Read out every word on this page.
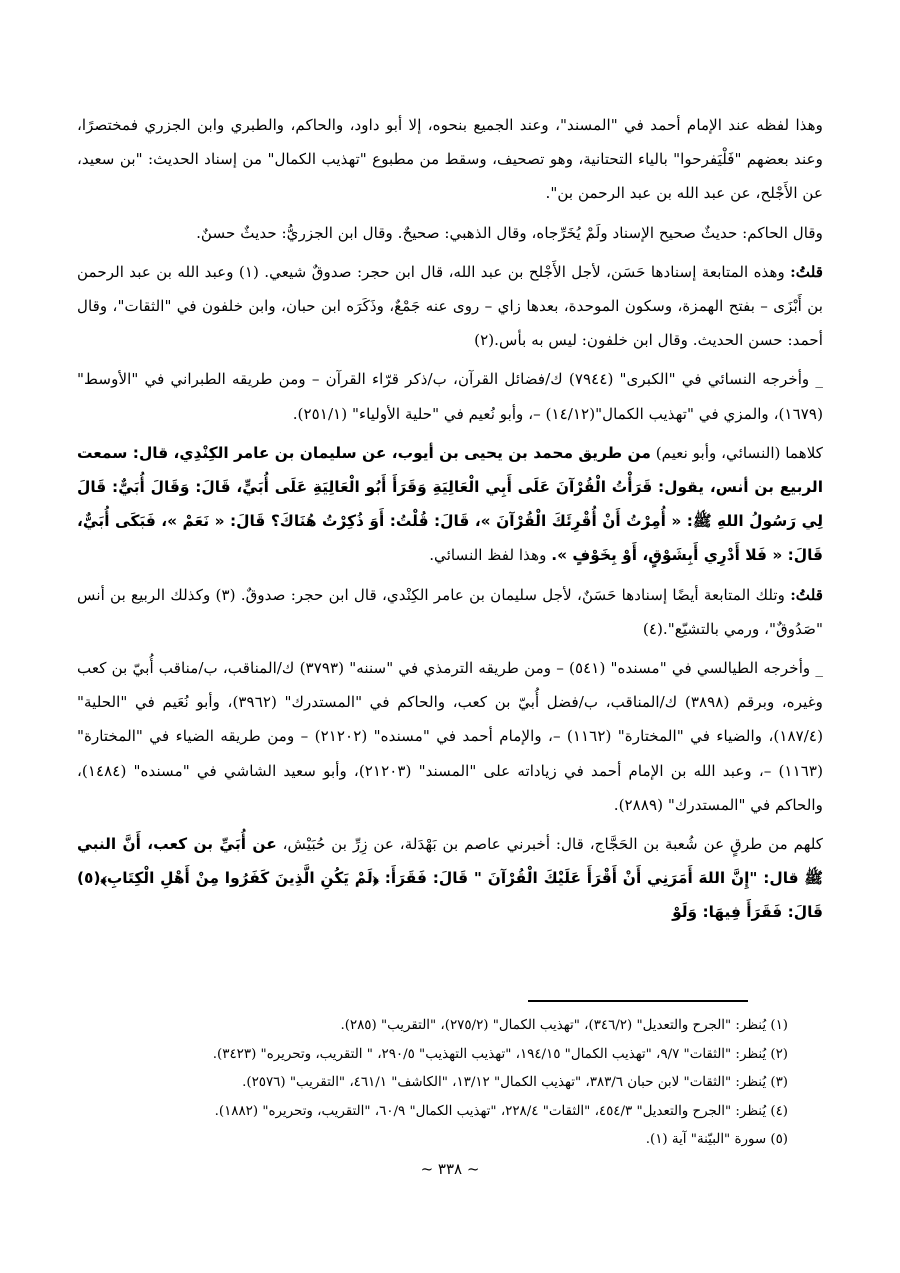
وهذا لفظه عند الإمام أحمد في "المسند"، وعند الجميع بنحوه، إلا أبو داود، والحاكم، والطبري وابن الجزري فمختصرًا، وعند بعضهم "فَلْيَفرحوا" بالياء التحتانية، وهو تصحيف، وسقط من مطبوع "تهذيب الكمال" من إسناد الحديث: "بن سعيد، عن الأَجْلح، عن عبد الله بن عبد الرحمن بن".

وقال الحاكم: حديثٌ صحيح الإسناد ولَمْ يُخَرِّجاه، وقال الذهبي: صحيحٌ. وقال ابن الجزريُّ: حديثٌ حسنٌ.

قلتُ: وهذه المتابعة إسنادها حَسَن، لأجل الأَجْلح بن عبد الله، قال ابن حجر: صدوقٌ شيعي. (١) وعبد الله بن عبد الرحمن بن أَبْزَى – بفتح الهمزة، وسكون الموحدة، بعدها زاي – روى عنه جَمْعٌ، وذَكَرَه ابن حبان، وابن خلفون في "الثقات"، وقال أحمد: حسن الحديث. وقال ابن خلفون: ليس به بأس.(٢)

_ وأخرجه النسائي في "الكبرى" (٧٩٤٤) ك/فضائل القرآن، ب/ذكر قرّاء القرآن – ومن طريقه الطبراني في "الأوسط" (١٦٧٩)، والمزي في "تهذيب الكمال"(١٤/١٢) –، وأبو نُعيم في "حلية الأولياء" (٢٥١/١).

كلاهما (النسائي، وأبو نعيم) من طريق محمد بن يحيى بن أيوب، عن سليمان بن عامر الكِنْدِي، قال: سمعت الربيع بن أنس، يقول: قَرَأْتُ الْقُرْآنَ عَلَى أَبِي الْعَالِيَةِ وَقَرَأَ أَبُو الْعَالِيَةِ عَلَى أُبَيٍّ، قَالَ: وَقَالَ أُبَيٌّ: قَالَ لِي رَسُولُ اللهِ ﷺ: « أُمِرْتُ أَنْ أُقْرِئَكَ الْقُرْآنَ »، قَالَ: قُلْتُ: أَوَ ذُكِرْتُ هُنَاكَ؟ قَالَ: « نَعَمْ »، فَبَكَى أُبَيٌّ، قَالَ: « فَلا أَدْرِي أَبِشَوْقٍ، أَوْ بِخَوْفٍ ». وهذا لفظ النسائي.

قلتُ: وتلك المتابعة أيضًا إسنادها حَسَنٌ، لأجل سليمان بن عامر الكِنْدي، قال ابن حجر: صدوقٌ. (٣) وكذلك الربيع بن أنس "صَدُوقٌ"، ورمي بالتشيّع".(٤)

_ وأخرجه الطيالسي في "مسنده" (٥٤١) – ومن طريقه الترمذي في "سننه" (٣٧٩٣) ك/المناقب، ب/مناقب أُبيّ بن كعب وغيره، وبرقم (٣٨٩٨) ك/المناقب، ب/فضل أُبيّ بن كعب، والحاكم في "المستدرك" (٣٩٦٢)، وأبو نُعَيم في "الحلية" (١٨٧/٤)، والضياء في "المختارة" (١١٦٢) –، والإمام أحمد في "مسنده" (٢١٢٠٢) – ومن طريقه الضياء في "المختارة" (١١٦٣) –، وعبد الله بن الإمام أحمد في زياداته على "المسند" (٢١٢٠٣)، وأبو سعيد الشاشي في "مسنده" (١٤٨٤)، والحاكم في "المستدرك" (٢٨٨٩).

كلهم من طرقٍ عن شُعبة بن الحَجَّاج، قال: أخبرني عاصم بن بَهْدَلة، عن زِرِّ بن حُبَيْش، عن أُبَيِّ بن كعب، أَنَّ النبي ﷺ قال: "إِنَّ اللهَ أَمَرَنِي أَنْ أَقْرَأَ عَلَيْكَ الْقُرْآنَ " قَالَ: فَقَرَأَ: ﴿لَمْ يَكُنِ الَّذِينَ كَفَرُوا مِنْ أَهْلِ الْكِتَابِ﴾(٥) قَالَ: فَقَرَأَ فِيهَا: وَلَوْ

(١) يُنظر: "الجرح والتعديل" (٣٤٦/٢)، "تهذيب الكمال" (٢٧٥/٢)، "التقريب" (٢٨٥).

(٢) يُنظر: "الثقات" ٩/٧، "تهذيب الكمال" ١٩٤/١٥، "تهذيب التهذيب" ٢٩٠/٥، " التقريب، وتحريره" (٣٤٢٣).

(٣) يُنظر: "الثقات" لابن حبان ٣٨٣/٦، "تهذيب الكمال" ١٣/١٢، "الكاشف" ٤٦١/١، "التقريب" (٢٥٧٦).

(٤) يُنظر: "الجرح والتعديل" ٤٥٤/٣، "الثقات" ٢٢٨/٤، "تهذيب الكمال" ٦٠/٩، "التقريب، وتحريره" (١٨٨٢).

(٥) سورة "البيّنة" آية (١).

~ ٣٣٨ ~
